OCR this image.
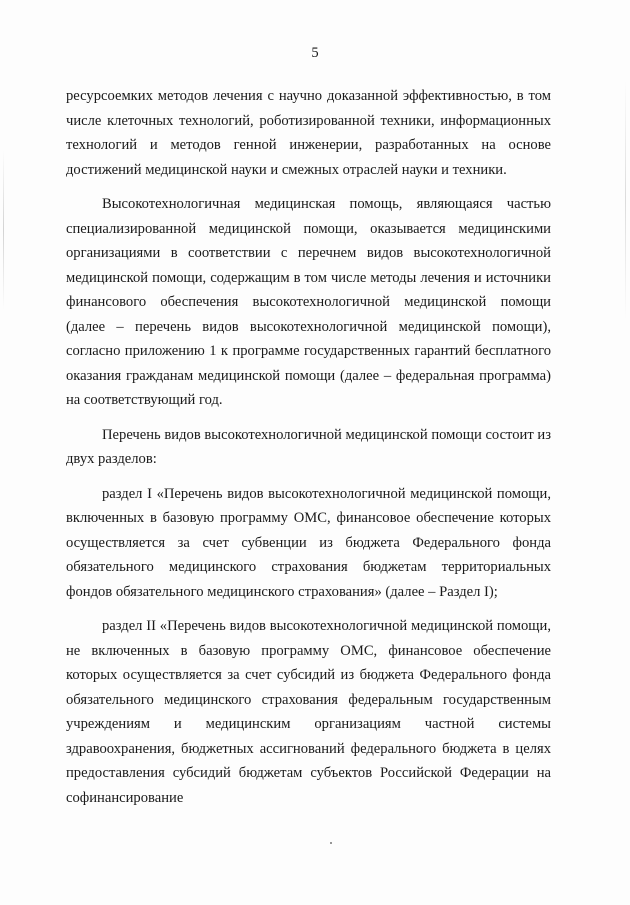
5

ресурсоемких методов лечения с научно доказанной эффективностью, в том числе клеточных технологий, роботизированной техники, информационных технологий и методов генной инженерии, разработанных на основе достижений медицинской науки и смежных отраслей науки и техники.

Высокотехнологичная медицинская помощь, являющаяся частью специализированной медицинской помощи, оказывается медицинскими организациями в соответствии с перечнем видов высокотехнологичной медицинской помощи, содержащим в том числе методы лечения и источники финансового обеспечения высокотехнологичной медицинской помощи (далее – перечень видов высокотехнологичной медицинской помощи), согласно приложению 1 к программе государственных гарантий бесплатного оказания гражданам медицинской помощи (далее – федеральная программа) на соответствующий год.

Перечень видов высокотехнологичной медицинской помощи состоит из двух разделов:

раздел I «Перечень видов высокотехнологичной медицинской помощи, включенных в базовую программу ОМС, финансовое обеспечение которых осуществляется за счет субвенции из бюджета Федерального фонда обязательного медицинского страхования бюджетам территориальных фондов обязательного медицинского страхования» (далее – Раздел I);

раздел II «Перечень видов высокотехнологичной медицинской помощи, не включенных в базовую программу ОМС, финансовое обеспечение которых осуществляется за счет субсидий из бюджета Федерального фонда обязательного медицинского страхования федеральным государственным учреждениям и медицинским организациям частной системы здравоохранения, бюджетных ассигнований федерального бюджета в целях предоставления субсидий бюджетам субъектов Российской Федерации на софинансирование
